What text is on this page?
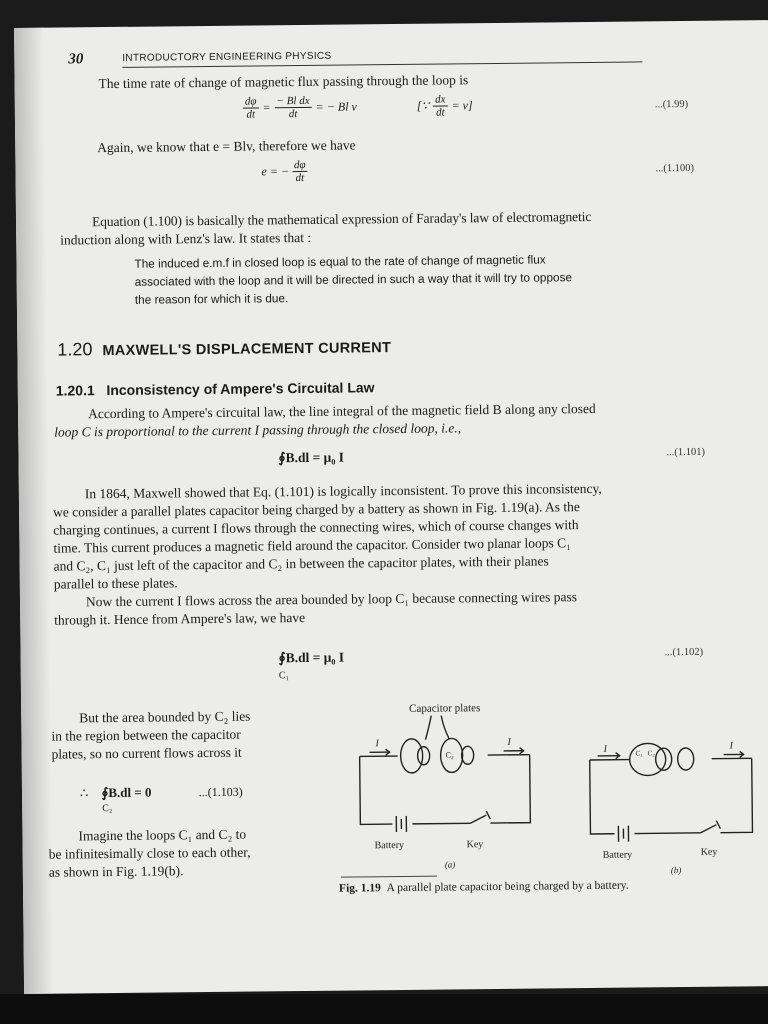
30	INTRODUCTORY ENGINEERING PHYSICS
The time rate of change of magnetic flux passing through the loop is
$\frac{d\varphi}{dt} = \frac{\text{− Bl dx}}{dt}$ = − Bl v	[∵ $\frac{dx}{dt} = v$]	...(1.99)
Again, we know that e = Blv, therefore we have
e = − $\frac{d\varphi}{dt}$	...(1.100)
Equation (1.100) is basically the mathematical expression of Faraday's law of electromagnetic
induction along with Lenz's law. It states that :
The induced e.m.f in closed loop is equal to the rate of change of magnetic flux
associated with the loop and it will be directed in such a way that it will try to oppose
the reason for which it is due.
1.20 MAXWELL'S DISPLACEMENT CURRENT
1.20.1 Inconsistency of Ampere's Circuital Law
According to Ampere's circuital law, the line integral of the magnetic field B along any closed
loop C is proportional to the current I passing through the closed loop, i.e.,
∮B.dl = μ₀ I	...(1.101)
In 1864, Maxwell showed that Eq. (1.101) is logically inconsistent. To prove this inconsistency,
we consider a parallel plates capacitor being charged by a battery as shown in Fig. 1.19(a). As the
charging continues, a current I flows through the connecting wires, which of course changes with
time. This current produces a magnetic field around the capacitor. Consider two planar loops C₁
and C₂, C₁ just left of the capacitor and C₂ in between the capacitor plates, with their planes
parallel to these plates.
Now the current I flows across the area bounded by loop C₁ because connecting wires pass
through it. Hence from Ampere's law, we have
∮B.dl = μ₀ I
C₁
...(1.102)
But the area bounded by C₂ lies
in the region between the capacitor
plates, so no current flows across it
∴ ∮B.dl = 0	...(1.103)
C₂
Imagine the loops C₁ and C₂ to
be infinitesimally close to each other,
as shown in Fig. 1.19(b).
Capacitor plates
I	I
C₂
Battery	Key
(a)
I	I
C₁ C₂
Battery	Key
(b)
Fig. 1.19 A parallel plate capacitor being charged by a battery.
